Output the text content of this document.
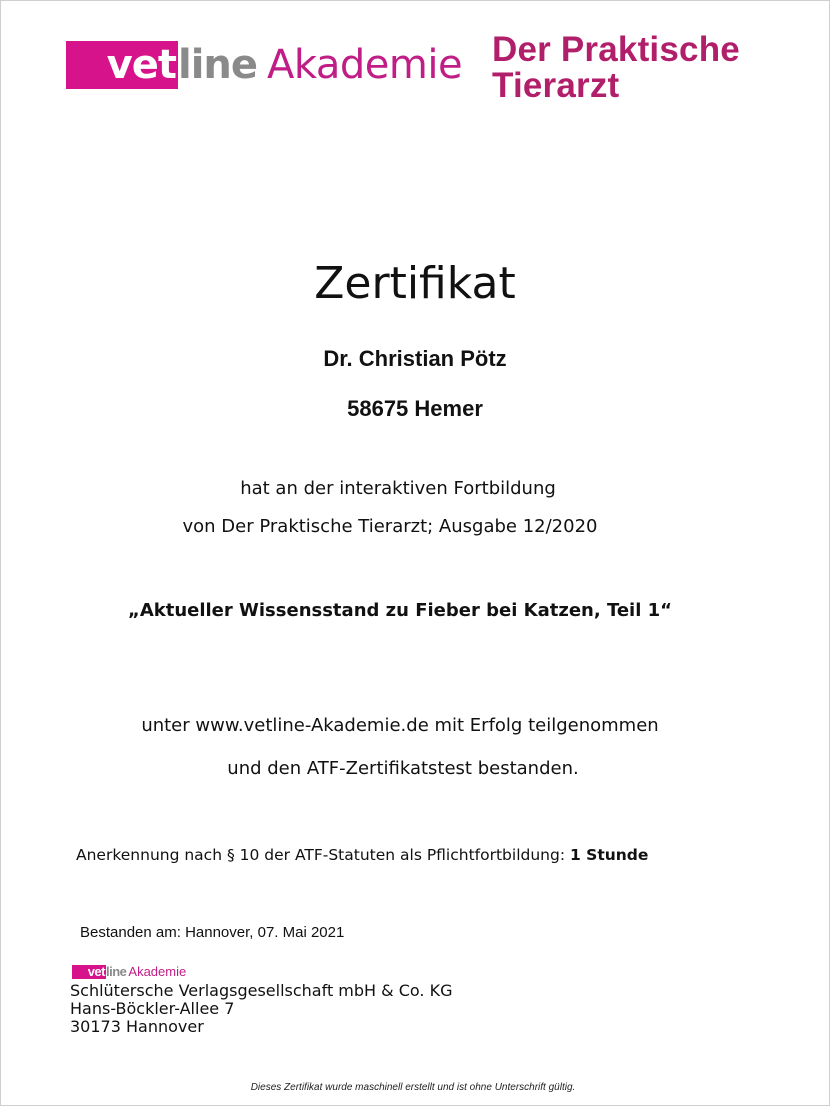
vet line Akademie Der Praktische
Tierarzt
Zertifikat
Dr. Christian Pötz
58675 Hemer
hat an der interaktiven Fortbildung
von Der Praktische Tierarzt; Ausgabe 12/2020
„Aktueller Wissensstand zu Fieber bei Katzen, Teil 1“
unter www.vetline-Akademie.de mit Erfolg teilgenommen
und den ATF-Zertifikatstest bestanden.
Anerkennung nach § 10 der ATF-Statuten als Pflichtfortbildung: 1 Stunde
Bestanden am: Hannover, 07. Mai 2021
vet line Akademie
Schlütersche Verlagsgesellschaft mbH & Co. KG
Hans-Böckler-Allee 7
30173 Hannover
Dieses Zertifikat wurde maschinell erstellt und ist ohne Unterschrift gültig.
